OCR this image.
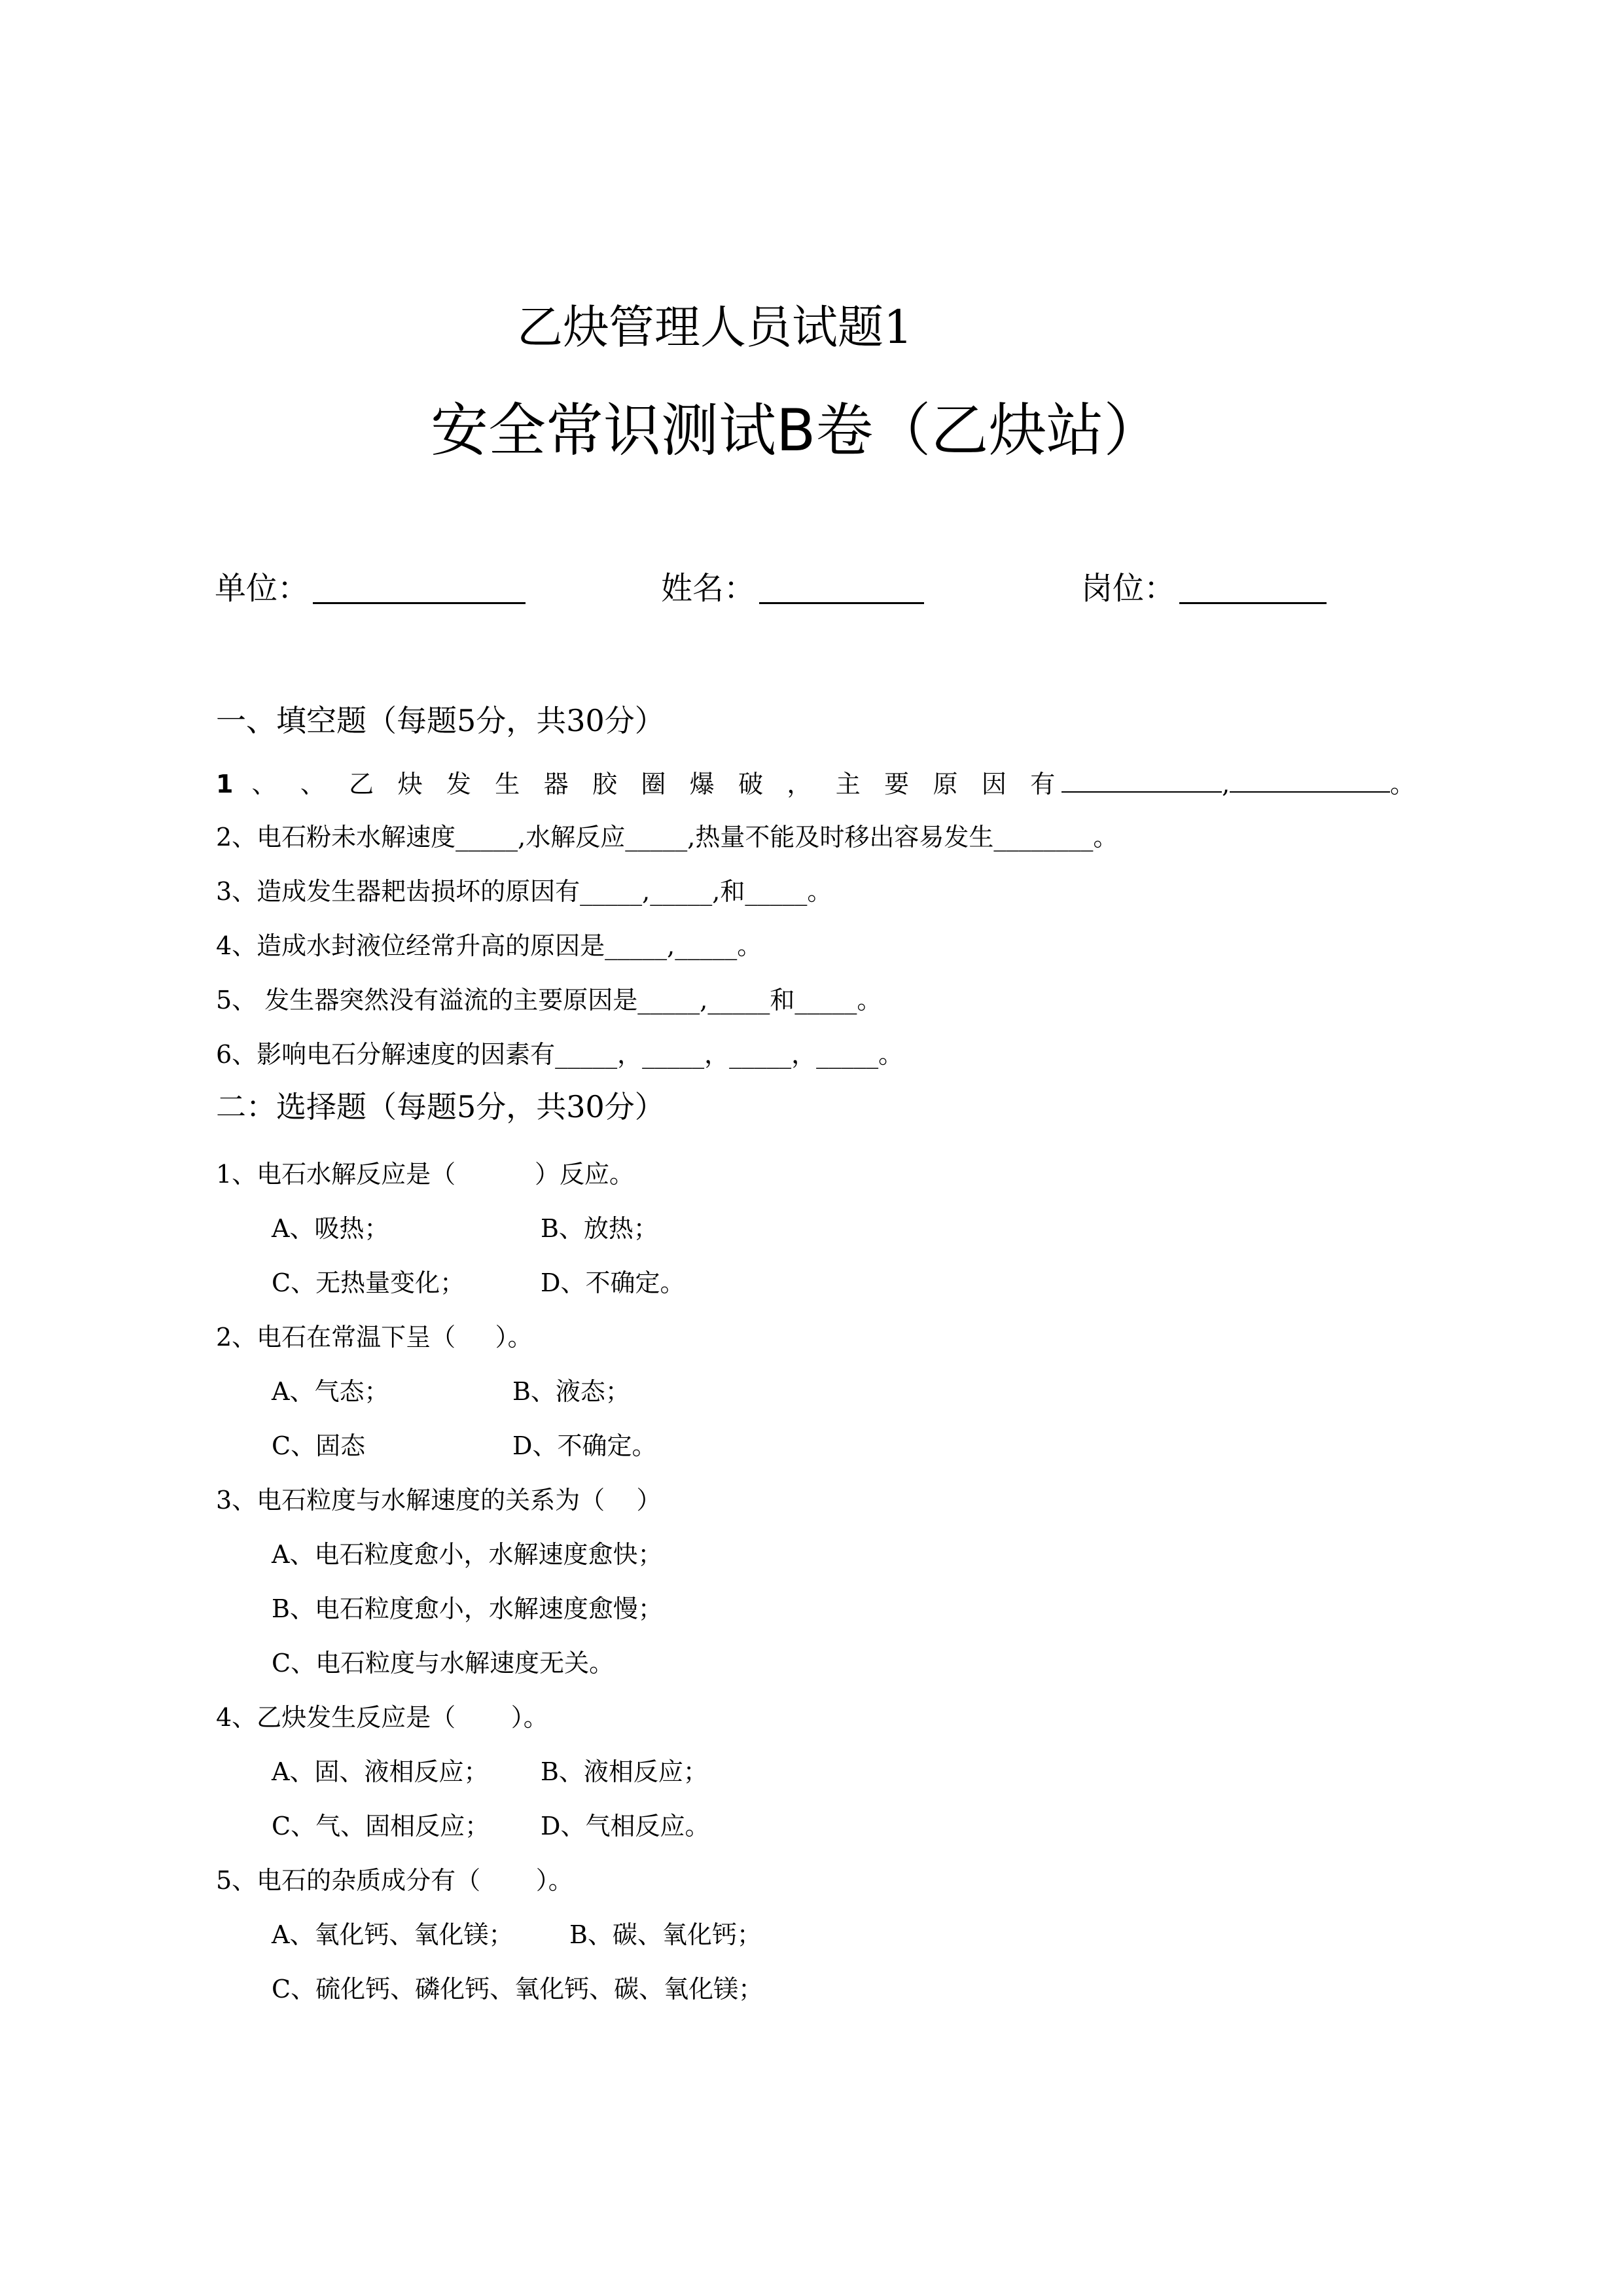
乙炔管理人员试题1
安全常识测试B卷（乙炔站）
单位：	姓名：	岗位：
一、填空题（每题5分，共30分）
1 、 、 乙 炔 发 生 器 胶 圈 爆 破 ， 主 要 原 因 有	,	。
2、电石粉未水解速度_____,水解反应_____,热量不能及时移出容易发生________。
3、造成发生器耙齿损坏的原因有_____,_____,和_____。
4、造成水封液位经常升高的原因是_____,_____。
5、 发生器突然没有溢流的主要原因是_____,_____和_____。
6、影响电石分解速度的因素有_____，_____，_____，_____。
二：选择题（每题5分，共30分）
1、电石水解反应是（          ）反应。
A、吸热；	B、放热；
C、无热量变化；	D、不确定。
2、电石在常温下呈（     ）。
A、气态；	B、液态；
C、固态	D、不确定。
3、电石粒度与水解速度的关系为（    ）
A、电石粒度愈小，水解速度愈快；
B、电石粒度愈小，水解速度愈慢；
C、电石粒度与水解速度无关。
4、乙炔发生反应是（       ）。
A、固、液相反应； B、液相反应；
C、气、固相反应； D、气相反应。
5、电石的杂质成分有（       ）。
A、氧化钙、氧化镁； B、碳、氧化钙；
C、硫化钙、磷化钙、氧化钙、碳、氧化镁；
